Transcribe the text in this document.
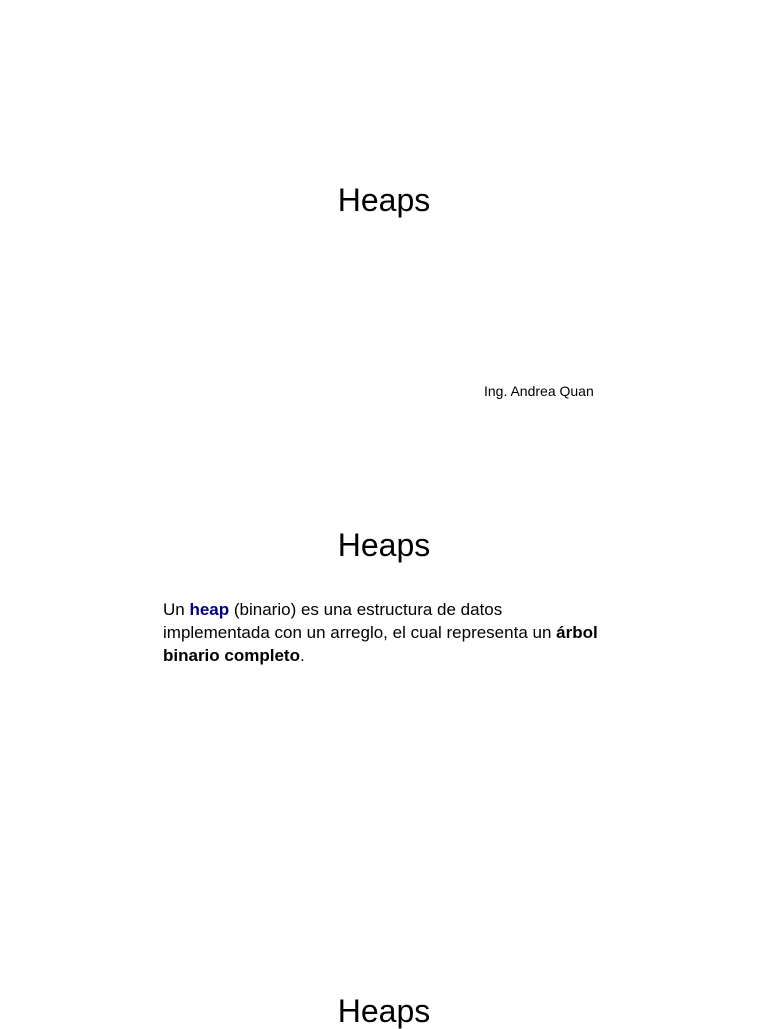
Heaps
Ing. Andrea Quan
Heaps

Un heap (binario) es una estructura de datos implementada con un arreglo, el cual representa un árbol binario completo.

Heaps
